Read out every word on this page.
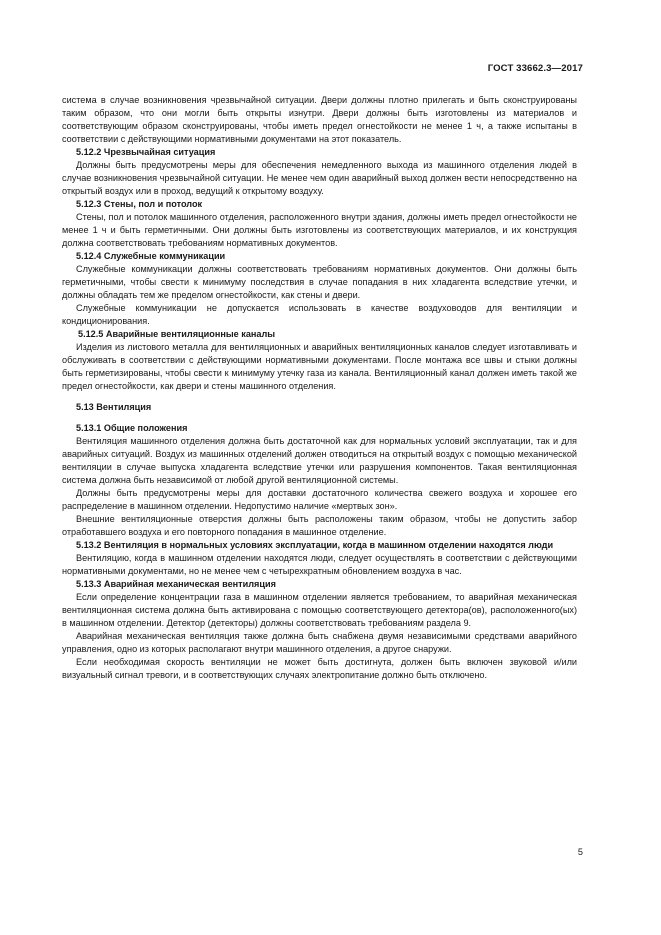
ГОСТ 33662.3—2017

система в случае возникновения чрезвычайной ситуации. Двери должны плотно прилегать и быть сконструированы таким образом, что они могли быть открыты изнутри. Двери должны быть изготовлены из материалов и соответствующим образом сконструированы, чтобы иметь предел огнестойкости не менее 1 ч, а также испытаны в соответствии с действующими нормативными документами на этот показатель.

5.12.2 Чрезвычайная ситуация

Должны быть предусмотрены меры для обеспечения немедленного выхода из машинного отделения людей в случае возникновения чрезвычайной ситуации. Не менее чем один аварийный выход должен вести непосредственно на открытый воздух или в проход, ведущий к открытому воздуху.

5.12.3 Стены, пол и потолок

Стены, пол и потолок машинного отделения, расположенного внутри здания, должны иметь предел огнестойкости не менее 1 ч и быть герметичными. Они должны быть изготовлены из соответствующих материалов, и их конструкция должна соответствовать требованиям нормативных документов.

5.12.4 Служебные коммуникации

Служебные коммуникации должны соответствовать требованиям нормативных документов. Они должны быть герметичными, чтобы свести к минимуму последствия в случае попадания в них хладагента вследствие утечки, и должны обладать тем же пределом огнестойкости, как стены и двери.

Служебные коммуникации не допускается использовать в качестве воздуховодов для вентиляции и кондиционирования.

5.12.5 Аварийные вентиляционные каналы

Изделия из листового металла для вентиляционных и аварийных вентиляционных каналов следует изготавливать и обслуживать в соответствии с действующими нормативными документами. После монтажа все швы и стыки должны быть герметизированы, чтобы свести к минимуму утечку газа из канала. Вентиляционный канал должен иметь такой же предел огнестойкости, как двери и стены машинного отделения.

5.13 Вентиляция

5.13.1 Общие положения

Вентиляция машинного отделения должна быть достаточной как для нормальных условий эксплуатации, так и для аварийных ситуаций. Воздух из машинных отделений должен отводиться на открытый воздух с помощью механической вентиляции в случае выпуска хладагента вследствие утечки или разрушения компонентов. Такая вентиляционная система должна быть независимой от любой другой вентиляционной системы.

Должны быть предусмотрены меры для доставки достаточного количества свежего воздуха и хорошее его распределение в машинном отделении. Недопустимо наличие «мертвых зон».

Внешние вентиляционные отверстия должны быть расположены таким образом, чтобы не допустить забор отработавшего воздуха и его повторного попадания в машинное отделение.

5.13.2 Вентиляция в нормальных условиях эксплуатации, когда в машинном отделении находятся люди

Вентиляцию, когда в машинном отделении находятся люди, следует осуществлять в соответствии с действующими нормативными документами, но не менее чем с четырехкратным обновлением воздуха в час.

5.13.3 Аварийная механическая вентиляция

Если определение концентрации газа в машинном отделении является требованием, то аварийная механическая вентиляционная система должна быть активирована с помощью соответствующего детектора(ов), расположенного(ых) в машинном отделении. Детектор (детекторы) должны соответствовать требованиям раздела 9.

Аварийная механическая вентиляция также должна быть снабжена двумя независимыми средствами аварийного управления, одно из которых располагают внутри машинного отделения, а другое снаружи.

Если необходимая скорость вентиляции не может быть достигнута, должен быть включен звуковой и/или визуальный сигнал тревоги, и в соответствующих случаях электропитание должно быть отключено.

5
